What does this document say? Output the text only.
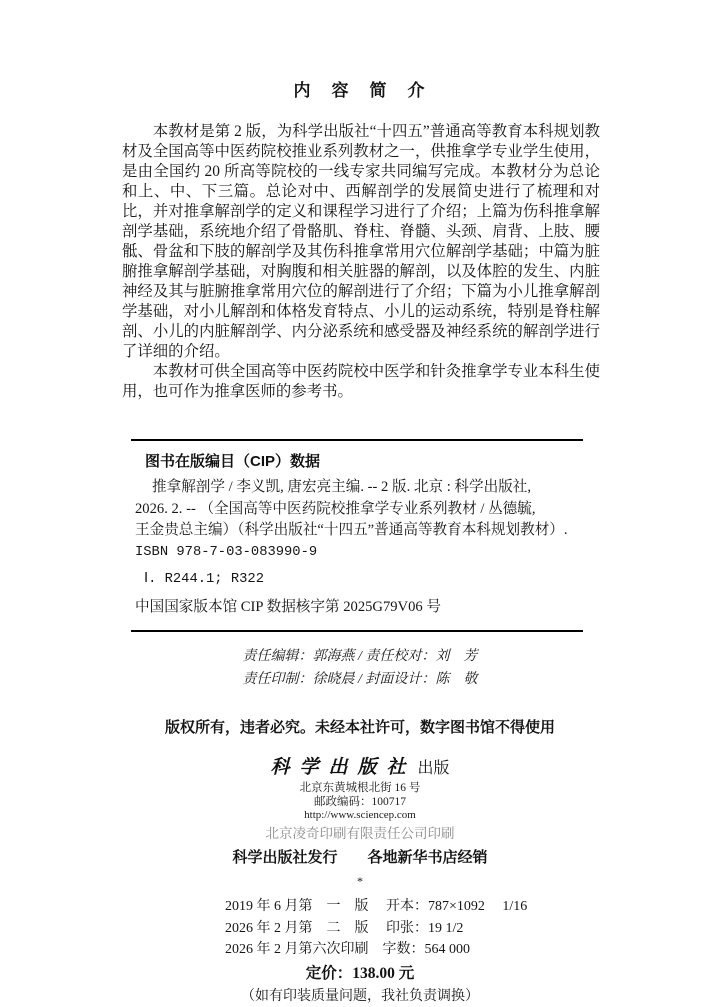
内　容　简　介

本教材是第 2 版，为科学出版社“十四五”普通高等教育本科规划教材及全国高等中医药院校推业系列教材之一，供推拿学专业学生使用，是由全国约 20 所高等院校的一线专家共同编写完成。本教材分为总论和上、中、下三篇。总论对中、西解剖学的发展简史进行了梳理和对比，并对推拿解剖学的定义和课程学习进行了介绍；上篇为伤科推拿解剖学基础，系统地介绍了骨骼肌、脊柱、脊髓、头颈、肩背、上肢、腰骶、骨盆和下肢的解剖学及其伤科推拿常用穴位解剖学基础；中篇为脏腑推拿解剖学基础，对胸腹和相关脏器的解剖，以及体腔的发生、内脏神经及其与脏腑推拿常用穴位的解剖进行了介绍；下篇为小儿推拿解剖学基础，对小儿解剖和体格发育特点、小儿的运动系统，特别是脊柱解剖、小儿的内脏解剖学、内分泌系统和感受器及神经系统的解剖学进行了详细的介绍。

本教材可供全国高等中医药院校中医学和针灸推拿学专业本科生使用，也可作为推拿医师的参考书。

图书在版编目（CIP）数据
推拿解剖学 / 李义凯, 唐宏亮主编. -- 2 版. 北京 : 科学出版社,
2026. 2. -- （全国高等中医药院校推拿学专业系列教材 / 丛德毓,
王金贵总主编）（科学出版社“十四五”普通高等教育本科规划教材）.
ISBN 978-7-03-083990-9
Ⅰ. R244.1; R322
中国国家版本馆 CIP 数据核字第 2025G79V06 号
责任编辑：郭海燕 / 责任校对：刘　芳
责任印制：徐晓晨 / 封面设计：陈　敬
版权所有，违者必究。未经本社许可，数字图书馆不得使用
科学出版社 出版
北京东黄城根北街 16 号
邮政编码：100717
http://www.sciencep.com
北京凌奇印刷有限责任公司印刷
科学出版社发行　　各地新华书店经销
*
2019 年 6 月第　一　版　 开本：787×1092　 1/16
2026 年 2 月第　二　版　 印张：19 1/2
2026 年 2 月第六次印刷　字数：564 000
定价：138.00 元
（如有印装质量问题，我社负责调换）
